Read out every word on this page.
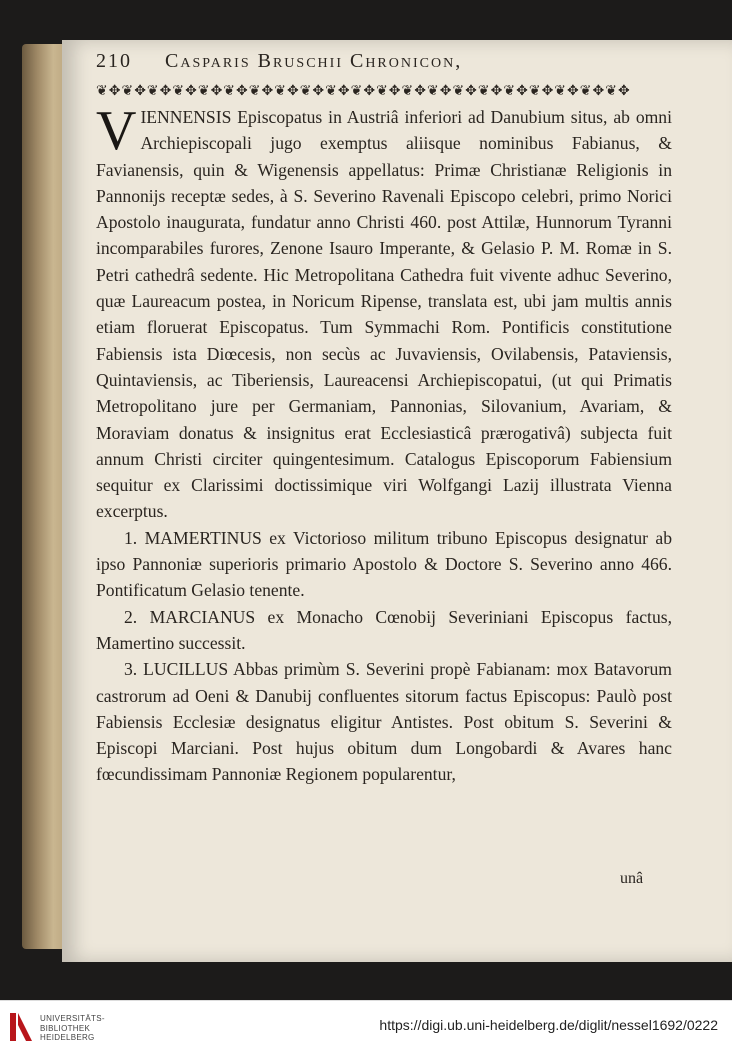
210 Casparis Bruschii Chronicon,
❦✥❦✥❦✥❦✥❦✥❦✥❦✥❦✥❦✥❦✥❦✥❦✥❦✥❦✥❦✥❦✥❦✥❦✥❦✥❦✥❦✥

VIENNENSIS Episcopatus in Austriâ inferiori ad Danubium situs, ab omni Archiepiscopali jugo exemptus aliisque nominibus Fabianus, & Favianensis, quin & Wigenensis appellatus: Primæ Christianæ Religionis in Pannonijs receptæ sedes, à S. Severino Ravenali Episcopo celebri, primo Norici Apostolo inaugurata, fundatur anno Christi 460. post Attilæ, Hunnorum Tyranni incomparabiles furores, Zenone Isauro Imperante, & Gelasio P. M. Romæ in S. Petri cathedrâ sedente. Hic Metropolitana Cathedra fuit vivente adhuc Severino, quæ Laureacum postea, in Noricum Ripense, translata est, ubi jam multis annis etiam floruerat Episcopatus. Tum Symmachi Rom. Pontificis constitutione Fabiensis ista Diœcesis, non secùs ac Juvaviensis, Ovilabensis, Pataviensis, Quintaviensis, ac Tiberiensis, Laureacensi Archiepiscopatui, (ut qui Primatis Metropolitano jure per Germaniam, Pannonias, Silovanium, Avariam, & Moraviam donatus & insignitus erat Ecclesiasticâ prærogativâ) subjecta fuit annum Christi circiter quingentesimum. Catalogus Episcoporum Fabiensium sequitur ex Clarissimi doctissimique viri Wolfgangi Lazij illustrata Vienna excerptus.

1. MAMERTINUS ex Victorioso militum tribuno Episcopus designatur ab ipso Pannoniæ superioris primario Apostolo & Doctore S. Severino anno 466. Pontificatum Gelasio tenente.

2. MARCIANUS ex Monacho Cœnobij Severiniani Episcopus factus, Mamertino successit.

3. LUCILLUS Abbas primùm S. Severini propè Fabianam: mox Batavorum castrorum ad Oeni & Danubij confluentes sitorum factus Episcopus: Paulò post Fabiensis Ecclesiæ designatus eligitur Antistes. Post obitum S. Severini & Episcopi Marciani. Post hujus obitum dum Longobardi & Avares hanc fœcundissimam Pannoniæ Regionem popularentur,

unâ
UNIVERSITÄTS-
BIBLIOTHEK
HEIDELBERG
https://digi.ub.uni-heidelberg.de/diglit/nessel1692/0222
